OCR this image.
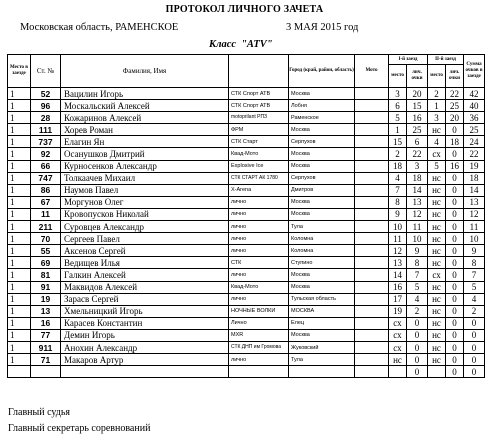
ПРОТОКОЛ ЛИЧНОГО ЗАЧЕТА
Московская область, РАМЕНСКОЕ	3 МАЯ 2015 год
Класс "ATV"
Место в заезде	Ст. №	Фамилия, Имя		Город (край, район, область)	Мото	I-й заезд		II-й заезд		Сумма очков в заезде
						место	лич. очки	место	лич. очки	
1	52	Вацилин Игорь	СТК Спорт АТВ	Москва		3	20	2	22	42
1	96	Москальский Алексей	СТК Спорт АТВ	Лобня		6	15	1	25	40
1	28	Кожаринов Алексей	motoprilant РПЗ	Раменское		5	16	3	20	36
1	111	Хорев Роман	ФРМ	Москва		1	25	нс	0	25
1	737	Елагин Ян	СТК Старт	Серпухов		15	6	4	18	24
1	92	Осанушков Дмитрий	Квад-Мото	Москва		2	22	сх	0	22
1	66	Курносенков Александр	Explosive Ice	Москва		18	3	5	16	19
1	747	Толкаачев Михаил	СТК СТАРТ АК 1780	Серпухов		4	18	нс	0	18
1	86	Наумов Павел	X-Arena	Дмитров		7	14	нс	0	14
1	67	Моргунов Олег	лично	Москва		8	13	нс	0	13
1	11	Кровопусков Николай	лично	Москва		9	12	нс	0	12
1	211	Суровцев Александр	лично	Тула		10	11	нс	0	11
1	70	Сергеев Павел	лично	Коломна		11	10	нс	0	10
1	55	Аксенов Сергей	лично	Коломна		12	9	нс	0	9
1	69	Ведищев Илья	СТК	Ступино		13	8	нс	0	8
1	81	Галкин Алексей	лично	Москва		14	7	сх	0	7
1	91	Маквидов Алексей	Квад-Мото	Москва		16	5	нс	0	5
1	19	Зарасв Сергей	лично	Тульская область		17	4	нс	0	4
1	13	Хмельницкий Игорь	НОЧНЫЕ ВОЛКИ	МОСКВА		19	2	нс	0	2
1	16	Карасев Константин	Лично	Елец		сх	0	нс	0	0
1	77	Демин Игорь	MXR	Москва		сх	0	нс	0	0
1	911	Анохин Александр	СТК ДНП им Громова	Жуковский		сх	0	нс	0	0
1	71	Макаров Артур	лично	Тула		нс	0	нс	0	0
							0		0	0
Главный судья
Главный секретарь соревнований
